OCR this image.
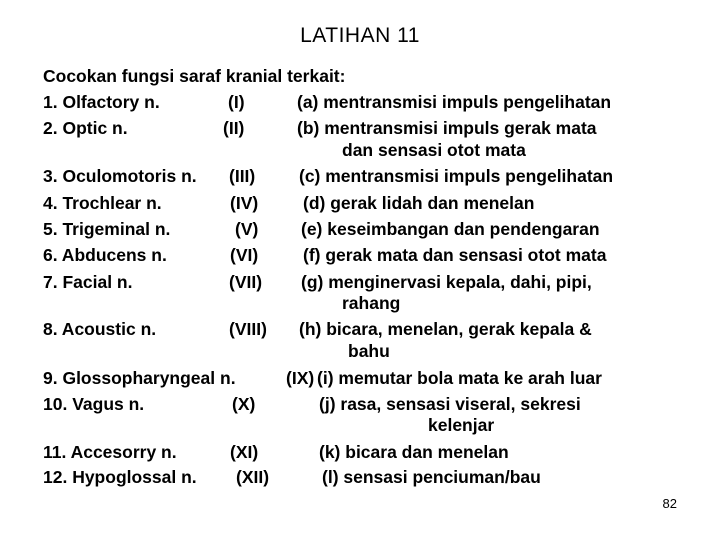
LATIHAN 11
Cocokan fungsi saraf kranial terkait:
1. Olfactory n.	(I)	(a) mentransmisi impuls pengelihatan
2. Optic n.	(II)	(b) mentransmisi impuls gerak mata
dan sensasi otot mata
3. Oculomotoris n. (III)	(c) mentransmisi impuls pengelihatan
4. Trochlear n.	(IV)	(d) gerak lidah dan menelan
5. Trigeminal n.	(V) (e) keseimbangan dan pendengaran
6. Abducens n.	(VI)	(f) gerak mata dan sensasi otot mata
7. Facial n.	(VII) (g) menginervasi kepala, dahi, pipi,
rahang
8. Acoustic n.	(VIII) (h) bicara, menelan, gerak kepala &
bahu
9. Glossopharyngeal n.	(IX) (i) memutar bola mata ke arah luar
10. Vagus n.	(X)	(j) rasa, sensasi viseral, sekresi
kelenjar
11. Accesorry n.	(XI)	(k) bicara dan menelan
12. Hypoglossal n. (XII)	(l) sensasi penciuman/bau
82
